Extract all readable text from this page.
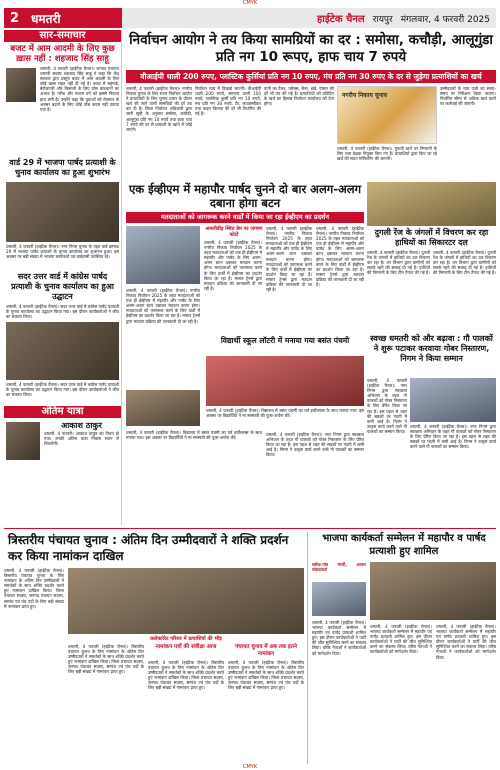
CMYK
2 धमतरी	हाईटेक चैनल रायपुर मंगलवार, 4 फरवरी 2025
सार-समाचार
बजट में आम आदमी के लिए कुछ ख़ास नहीं : शहजाद सिंह साहू
धमतरी, 4 फरवरी (हाईटेक चैनल)। जनपद पंचायत धमतरी सदस्य शहजाद सिंह साहू ने कहा कि केंद्र सरकार द्वारा प्रस्तुत बजट में आम आदमी के लिए कोई ख़ास राहत नहीं दी गई है। बजट में महंगाई, बेरोजगारी और किसानों के लिए ठोस प्रावधानों का अभाव है। गरीब और मध्यम वर्ग को इससे निराशा हाथ लगी है। उन्होंने कहा कि युवाओं को रोजगार के अवसर बढ़ाने के लिए कोई ठोस कदम नहीं उठाया गया है।
वार्ड 29 में भाजपा पार्षद प्रत्याशी के चुनाव कार्यालय का हुआ शुभारंभ
धमतरी, 4 फरवरी (हाईटेक चैनल)। नगर निगम चुनाव के तहत वार्ड क्रमांक 29 में भाजपा पार्षद प्रत्याशी के चुनाव कार्यालय का शुभारंभ हुआ। इस अवसर पर बड़ी संख्या में भाजपा कार्यकर्ता एवं वार्डवासी उपस्थित रहे।
सदर उत्तर वार्ड में कांग्रेस पार्षद प्रत्याशी के चुनाव कार्यालय का हुआ उद्घाटन
धमतरी, 4 फरवरी (हाईटेक चैनल)। सदर उत्तर वार्ड में कांग्रेस पार्षद प्रत्याशी के चुनाव कार्यालय का उद्घाटन किया गया। इस दौरान कार्यकर्ताओं ने जीत का संकल्प लिया।
धमतरी, 4 फरवरी (हाईटेक चैनल)। सदर उत्तर वार्ड में कांग्रेस पार्षद प्रत्याशी के चुनाव कार्यालय का उद्घाटन किया गया। इस दौरान कार्यकर्ताओं ने जीत का संकल्प लिया।
अंतिम यात्रा
आकाश ठाकुर
धमतरी, 4 फरवरी। आकाश ठाकुर का निधन हो गया। उनकी अंतिम यात्रा निवास स्थान से निकलेगी।
निर्वाचन आयोग ने तय किया सामग्रियों का दर : समोसा, कचौड़ी, आलूगुंडा प्रति नग 10 रूपए, हाफ चाय 7 रुपये
वीआईपी थाली 200 रुपए, प्लास्टिक कुर्सियां प्रति नग 10 रुपए, मंच प्रति नग 30 रुपए के दर से जुड़ेगा प्रत्याशियों का खर्च
धमतरी, 4 फरवरी (हाईटेक चैनल)। नगरीय निकाय चुनाव के लिए राज्य निर्वाचन आयोग ने प्रत्याशियों के लिए चुनाव प्रचार के दौरान खर्च की जाने वाली सामग्रियों की दरें तय कर दी हैं। जिला निर्वाचन अधिकारी द्वारा जारी सूची के अनुसार समोसा, कचौड़ी, आलूगुंडा प्रति नग 10 रुपये तथा हाफ चाय 7 रुपये की दर से प्रत्याशी के खाते में जोड़े जाएंगे।
निर्वाचन व्यय में दिखाई जाएगी। वीआईपी थाली 200 रुपये, सामान्य थाली 100 रुपये, प्लास्टिक कुर्सी प्रति नग 10 रुपये, मंच प्रति नग 30 रुपये, टेंट, लाउडस्पीकर तथा वाहन किराया की दरें भी निर्धारित की गई हैं।
पानी का टैंकर, फ्लैक्स, बैनर, झंडे, पोस्टर की दरें भी तय की गई हैं। प्रत्याशियों को प्रतिदिन के खर्च का हिसाब निर्वाचन कार्यालय को देना होगा।
नगरीय निकाय चुनाव
धमतरी, 4 फरवरी (हाईटेक चैनल)। चुनावी खर्च पर निगरानी के लिए व्यय प्रेक्षक नियुक्त किए गए हैं। प्रत्याशियों द्वारा किए जा रहे खर्च की सतत मॉनिटरिंग की जाएगी।
उम्मीदवारों के व्यय पंजी का समय-समय पर निरीक्षण किया जाएगा। निर्धारित सीमा से अधिक खर्च करने पर कार्रवाई की जाएगी।
एक ईव्हीएम में महापौर पार्षद चुनने दो बार अलग-अलग दबाना होगा बटन
मतदाताओं को जागरूक करने वार्डों में किया जा रहा ईव्हीएम का प्रदर्शन
अमलीडीह स्थित डेम पर जगमग फोटो
धमतरी, 4 फरवरी (हाईटेक चैनल)। नगरीय निकाय निर्वाचन 2025 के तहत मतदाताओं को एक ही ईव्हीएम में महापौर और पार्षद के लिए अलग-अलग बटन दबाकर मतदान करना होगा। मतदाताओं को जागरूक करने के लिए वार्डों में ईव्हीएम का प्रदर्शन किया जा रहा है। मास्टर ट्रेनर्स द्वारा मतदान प्रक्रिया की जानकारी दी जा रही है।
धमतरी, 4 फरवरी (हाईटेक चैनल)। नगरीय निकाय निर्वाचन 2025 के तहत मतदाताओं को एक ही ईव्हीएम में महापौर और पार्षद के लिए अलग-अलग बटन दबाकर मतदान करना होगा। मतदाताओं को जागरूक करने के लिए वार्डों में ईव्हीएम का प्रदर्शन किया जा रहा है। मास्टर ट्रेनर्स द्वारा मतदान प्रक्रिया की जानकारी दी जा रही है।
धमतरी, 4 फरवरी (हाईटेक चैनल)। नगरीय निकाय निर्वाचन 2025 के तहत मतदाताओं को एक ही ईव्हीएम में महापौर और पार्षद के लिए अलग-अलग बटन दबाकर मतदान करना होगा। मतदाताओं को जागरूक करने के लिए वार्डों में ईव्हीएम का प्रदर्शन किया जा रहा है। मास्टर ट्रेनर्स द्वारा मतदान प्रक्रिया की जानकारी दी जा रही है।
धमतरी, 4 फरवरी (हाईटेक चैनल)। नगरीय निकाय निर्वाचन 2025 के तहत मतदाताओं को एक ही ईव्हीएम में महापौर और पार्षद के लिए अलग-अलग बटन दबाकर मतदान करना होगा। मतदाताओं को जागरूक करने के लिए वार्डों में ईव्हीएम का प्रदर्शन किया जा रहा है। मास्टर ट्रेनर्स द्वारा मतदान प्रक्रिया की जानकारी दी जा रही है।
दुगली रेंज के जंगलों में विचरण कर रहा हाथियों का सिकारटर दल
धमतरी, 4 फरवरी (हाईटेक चैनल)। दुगली रेंज के जंगलों में हाथियों का दल विचरण कर रहा है। वन विभाग द्वारा ग्रामीणों को सतर्क रहने की सलाह दी गई है। हाथियों की निगरानी के लिए टीम तैनात की गई है।
धमतरी, 4 फरवरी (हाईटेक चैनल)। दुगली रेंज के जंगलों में हाथियों का दल विचरण कर रहा है। वन विभाग द्वारा ग्रामीणों को सतर्क रहने की सलाह दी गई है। हाथियों की निगरानी के लिए टीम तैनात की गई है।
विद्यार्थी स्कूल लॉटरी में मनाया गया बसंत पंचमी
धमतरी, 4 फरवरी (हाईटेक चैनल)। विद्यालय में बसंत पंचमी का पर्व हर्षोल्लास के साथ मनाया गया। इस अवसर पर विद्यार्थियों ने मां सरस्वती की पूजा-अर्चना की।
स्वच्छ धमतरी को और बढ़ावा : गौ पालकों ने शुरू पटाकर करवाया गोबर निस्तारण, निगम ने किया सम्मान
धमतरी, 4 फरवरी (हाईटेक चैनल)। नगर निगम द्वारा स्वच्छता अभियान के तहत गौ पालकों को गोबर निस्तारण के लिए प्रेरित किया जा रहा है। इस पहल से शहर की सड़कों पर गंदगी में कमी आई है। निगम ने उत्कृष्ट कार्य करने वाले गौ पालकों का सम्मान किया।
धमतरी, 4 फरवरी (हाईटेक चैनल)। नगर निगम द्वारा स्वच्छता अभियान के तहत गौ पालकों को गोबर निस्तारण के लिए प्रेरित किया जा रहा है। इस पहल से शहर की सड़कों पर गंदगी में कमी आई है। निगम ने उत्कृष्ट कार्य करने वाले गौ पालकों का सम्मान किया।
धमतरी, 4 फरवरी (हाईटेक चैनल)। नगर निगम द्वारा स्वच्छता अभियान के तहत गौ पालकों को गोबर निस्तारण के लिए प्रेरित किया जा रहा है। इस पहल से शहर की सड़कों पर गंदगी में कमी आई है। निगम ने उत्कृष्ट कार्य करने वाले गौ पालकों का सम्मान किया।
धमतरी, 4 फरवरी (हाईटेक चैनल)। विद्यालय में बसंत पंचमी का पर्व हर्षोल्लास के साथ मनाया गया। इस अवसर पर विद्यार्थियों ने मां सरस्वती की पूजा-अर्चना की।
त्रिस्तरीय पंचायत चुनाव : अंतिम दिन उम्मीदवारों ने शक्ति प्रदर्शन कर किया नामांकन दाखिल
धमतरी, 4 फरवरी (हाईटेक चैनल)। त्रिस्तरीय पंचायत चुनाव के लिए नामांकन के अंतिम दिन उम्मीदवारों ने समर्थकों के साथ शक्ति प्रदर्शन करते हुए नामांकन दाखिल किया। जिला पंचायत सदस्य, जनपद पंचायत सदस्य, सरपंच एवं पंच पदों के लिए बड़ी संख्या में नामांकन प्राप्त हुए।
कलेक्टोरेट परिसर में प्रत्याशियों की भीड़
धमतरी, 4 फरवरी (हाईटेक चैनल)। त्रिस्तरीय पंचायत चुनाव के लिए नामांकन के अंतिम दिन उम्मीदवारों ने समर्थकों के साथ शक्ति प्रदर्शन करते हुए नामांकन दाखिल किया। जिला पंचायत सदस्य, जनपद पंचायत सदस्य, सरपंच एवं पंच पदों के लिए बड़ी संख्या में नामांकन प्राप्त हुए।
नामांकन पत्रों की संवीक्षा आज
धमतरी, 4 फरवरी (हाईटेक चैनल)। त्रिस्तरीय पंचायत चुनाव के लिए नामांकन के अंतिम दिन उम्मीदवारों ने समर्थकों के साथ शक्ति प्रदर्शन करते हुए नामांकन दाखिल किया। जिला पंचायत सदस्य, जनपद पंचायत सदस्य, सरपंच एवं पंच पदों के लिए बड़ी संख्या में नामांकन प्राप्त हुए।
पंचायत चुनाव में अब तक इतने नामांकन
धमतरी, 4 फरवरी (हाईटेक चैनल)। त्रिस्तरीय पंचायत चुनाव के लिए नामांकन के अंतिम दिन उम्मीदवारों ने समर्थकों के साथ शक्ति प्रदर्शन करते हुए नामांकन दाखिल किया। जिला पंचायत सदस्य, जनपद पंचायत सदस्य, सरपंच एवं पंच पदों के लिए बड़ी संख्या में नामांकन प्राप्त हुए।
भाजपा कार्यकर्ता सम्मेलन में महापौर व पार्षद प्रत्याशी हुए शामिल
ब्लॉक-गांव मांजी, आधार संवादकर्ता
धमतरी, 4 फरवरी (हाईटेक चैनल)। भाजपा कार्यकर्ता सम्मेलन में महापौर एवं पार्षद प्रत्याशी शामिल हुए। इस दौरान कार्यकर्ताओं ने पार्टी की जीत सुनिश्चित करने का संकल्प लिया। वरिष्ठ नेताओं ने कार्यकर्ताओं को मार्गदर्शन दिया।
धमतरी, 4 फरवरी (हाईटेक चैनल)। भाजपा कार्यकर्ता सम्मेलन में महापौर एवं पार्षद प्रत्याशी शामिल हुए। इस दौरान कार्यकर्ताओं ने पार्टी की जीत सुनिश्चित करने का संकल्प लिया। वरिष्ठ नेताओं ने कार्यकर्ताओं को मार्गदर्शन दिया।
धमतरी, 4 फरवरी (हाईटेक चैनल)। भाजपा कार्यकर्ता सम्मेलन में महापौर एवं पार्षद प्रत्याशी शामिल हुए। इस दौरान कार्यकर्ताओं ने पार्टी की जीत सुनिश्चित करने का संकल्प लिया। वरिष्ठ नेताओं ने कार्यकर्ताओं को मार्गदर्शन दिया।
CMYK
